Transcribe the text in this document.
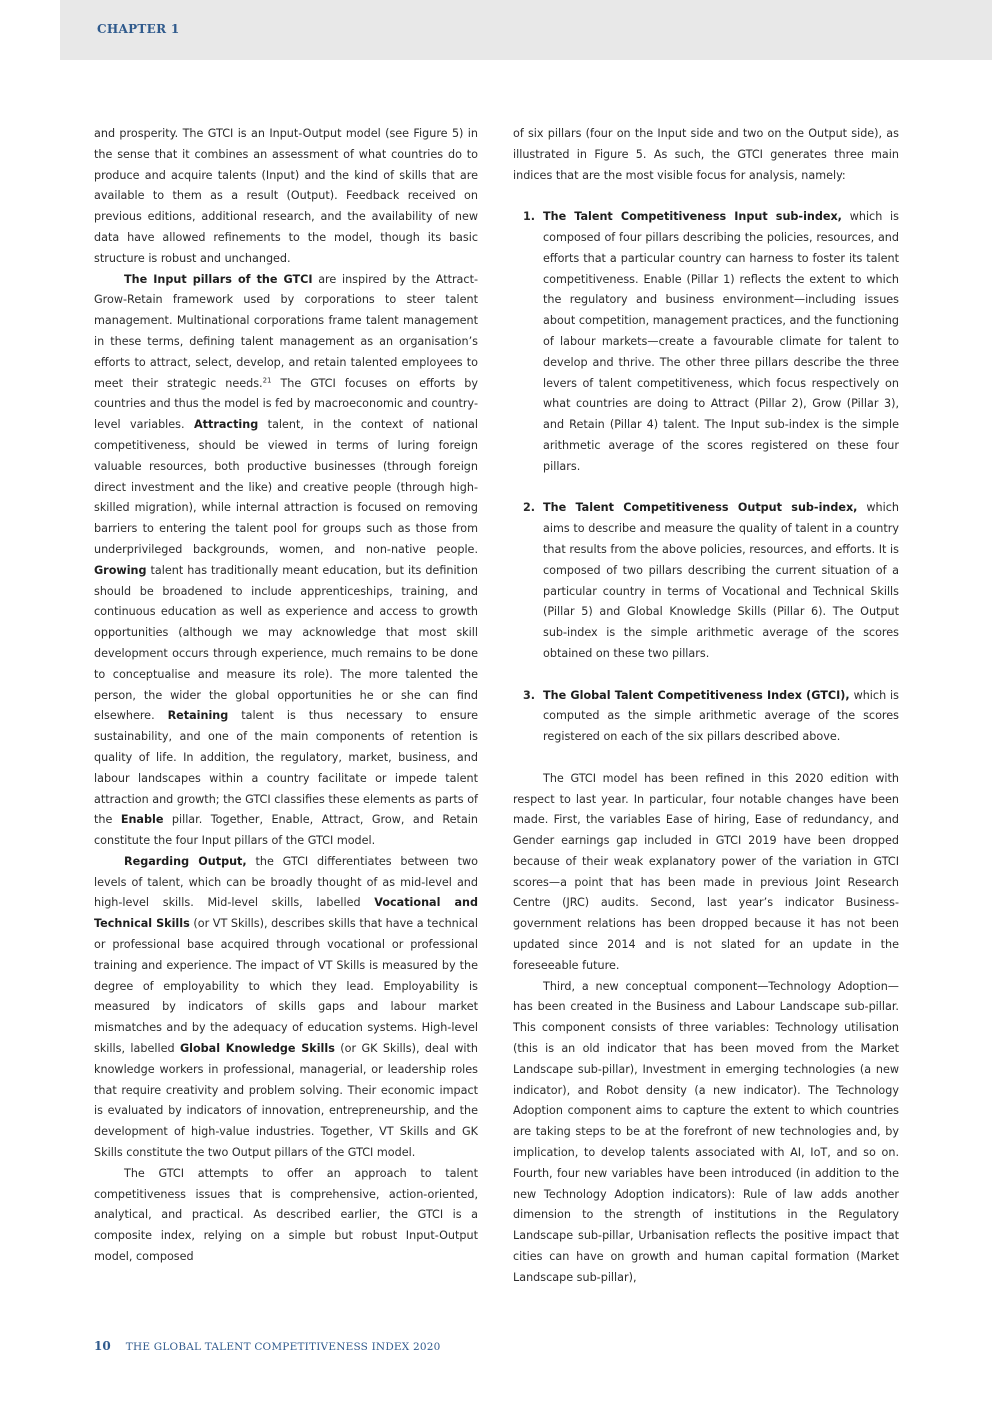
CHAPTER 1

and prosperity. The GTCI is an Input-Output model (see Figure 5) in the sense that it combines an assessment of what countries do to produce and acquire talents (Input) and the kind of skills that are available to them as a result (Output). Feedback received on previous editions, additional research, and the availability of new data have allowed refinements to the model, though its basic structure is robust and unchanged.

The Input pillars of the GTCI are inspired by the Attract-Grow-Retain framework used by corporations to steer talent management. Multinational corporations frame talent management in these terms, defining talent management as an organisation’s efforts to attract, select, develop, and retain talented employees to meet their strategic needs.$^{21}$ The GTCI focuses on efforts by countries and thus the model is fed by macroeconomic and country-level variables. Attracting talent, in the context of national competitiveness, should be viewed in terms of luring foreign valuable resources, both productive businesses (through foreign direct investment and the like) and creative people (through high-skilled migration), while internal attraction is focused on removing barriers to entering the talent pool for groups such as those from underprivileged backgrounds, women, and non-native people. Growing talent has traditionally meant education, but its definition should be broadened to include apprenticeships, training, and continuous education as well as experience and access to growth opportunities (although we may acknowledge that most skill development occurs through experience, much remains to be done to conceptualise and measure its role). The more talented the person, the wider the global opportunities he or she can find elsewhere. Retaining talent is thus necessary to ensure sustainability, and one of the main components of retention is quality of life. In addition, the regulatory, market, business, and labour landscapes within a country facilitate or impede talent attraction and growth; the GTCI classifies these elements as parts of the Enable pillar. Together, Enable, Attract, Grow, and Retain constitute the four Input pillars of the GTCI model.

Regarding Output, the GTCI differentiates between two levels of talent, which can be broadly thought of as mid-level and high-level skills. Mid-level skills, labelled Vocational and Technical Skills (or VT Skills), describes skills that have a technical or professional base acquired through vocational or professional training and experience. The impact of VT Skills is measured by the degree of employability to which they lead. Employability is measured by indicators of skills gaps and labour market mismatches and by the adequacy of education systems. High-level skills, labelled Global Knowledge Skills (or GK Skills), deal with knowledge workers in professional, managerial, or leadership roles that require creativity and problem solving. Their economic impact is evaluated by indicators of innovation, entrepreneurship, and the development of high-value industries. Together, VT Skills and GK Skills constitute the two Output pillars of the GTCI model.

The GTCI attempts to offer an approach to talent competitiveness issues that is comprehensive, action-oriented, analytical, and practical. As described earlier, the GTCI is a composite index, relying on a simple but robust Input-Output model, composed

of six pillars (four on the Input side and two on the Output side), as illustrated in Figure 5. As such, the GTCI generates three main indices that are the most visible focus for analysis, namely:

1. The Talent Competitiveness Input sub-index, which is composed of four pillars describing the policies, resources, and efforts that a particular country can harness to foster its talent competitiveness. Enable (Pillar 1) reflects the extent to which the regulatory and business environment—including issues about competition, management practices, and the functioning of labour markets—create a favourable climate for talent to develop and thrive. The other three pillars describe the three levers of talent competitiveness, which focus respectively on what countries are doing to Attract (Pillar 2), Grow (Pillar 3), and Retain (Pillar 4) talent. The Input sub-index is the simple arithmetic average of the scores registered on these four pillars.

2. The Talent Competitiveness Output sub-index, which aims to describe and measure the quality of talent in a country that results from the above policies, resources, and efforts. It is composed of two pillars describing the current situation of a particular country in terms of Vocational and Technical Skills (Pillar 5) and Global Knowledge Skills (Pillar 6). The Output sub-index is the simple arithmetic average of the scores obtained on these two pillars.

3. The Global Talent Competitiveness Index (GTCI), which is computed as the simple arithmetic average of the scores registered on each of the six pillars described above.

The GTCI model has been refined in this 2020 edition with respect to last year. In particular, four notable changes have been made. First, the variables Ease of hiring, Ease of redundancy, and Gender earnings gap included in GTCI 2019 have been dropped because of their weak explanatory power of the variation in GTCI scores—a point that has been made in previous Joint Research Centre (JRC) audits. Second, last year’s indicator Business-government relations has been dropped because it has not been updated since 2014 and is not slated for an update in the foreseeable future.

Third, a new conceptual component—Technology Adoption—has been created in the Business and Labour Landscape sub-pillar. This component consists of three variables: Technology utilisation (this is an old indicator that has been moved from the Market Landscape sub-pillar), Investment in emerging technologies (a new indicator), and Robot density (a new indicator). The Technology Adoption component aims to capture the extent to which countries are taking steps to be at the forefront of new technologies and, by implication, to develop talents associated with AI, IoT, and so on. Fourth, four new variables have been introduced (in addition to the new Technology Adoption indicators): Rule of law adds another dimension to the strength of institutions in the Regulatory Landscape sub-pillar, Urbanisation reflects the positive impact that cities can have on growth and human capital formation (Market Landscape sub-pillar),

10 THE GLOBAL TALENT COMPETITIVENESS INDEX 2020
